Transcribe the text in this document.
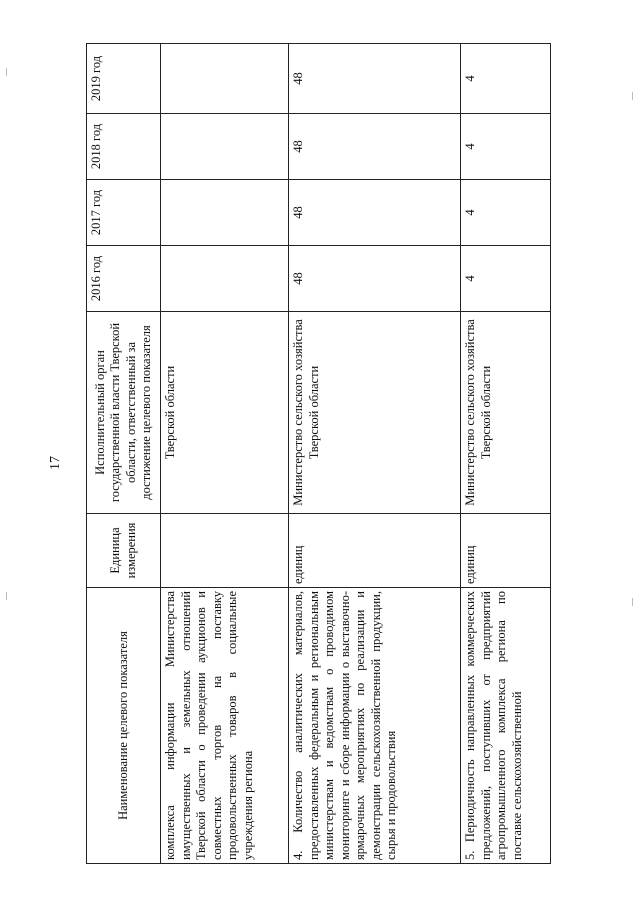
17
Наименование целевого показателя	Единица измерения	Исполнительный орган государственной власти Тверской области, ответственный за достижение целевого показателя	2016 год	2017 год	2018 год	2019 год
комплекса информации Министерства имущественных и земельных отношений Тверской области о проведении аукционов и совместных торгов на поставку продовольственных товаров в социальные учреждения региона		Тверской области				
4. Количество аналитических материалов, предоставленных федеральным и региональным министерствам и ведомствам о проводимом мониторинге и сборе информации о выставочно-ярмарочных мероприятиях по реализации и демонстрации сельскохозяйственной продукции, сырья и продовольствия	единиц	Министерство сельского хозяйства Тверской области	48	48	48	48
5. Периодичность направленных коммерческих предложений, поступивших от предприятий агропромышленного комплекса региона по поставке сельскохозяйственной	единиц	Министерство сельского хозяйства Тверской области	4	4	4	4
